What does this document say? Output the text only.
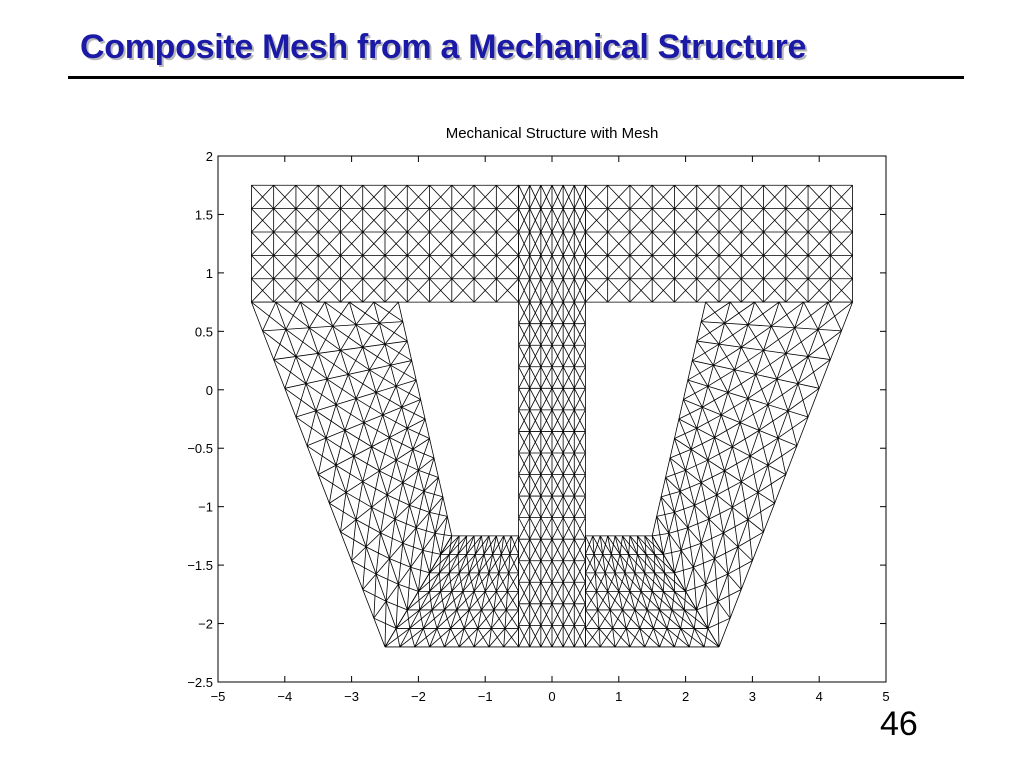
Composite Mesh from a Mechanical Structure
Mechanical Structure with Mesh
−5	−4	−3	−2	−1	0	1	2	3	4	5
2
1.5
1
0.5
0
−0.5
−1
−1.5
−2
−2.5
46
